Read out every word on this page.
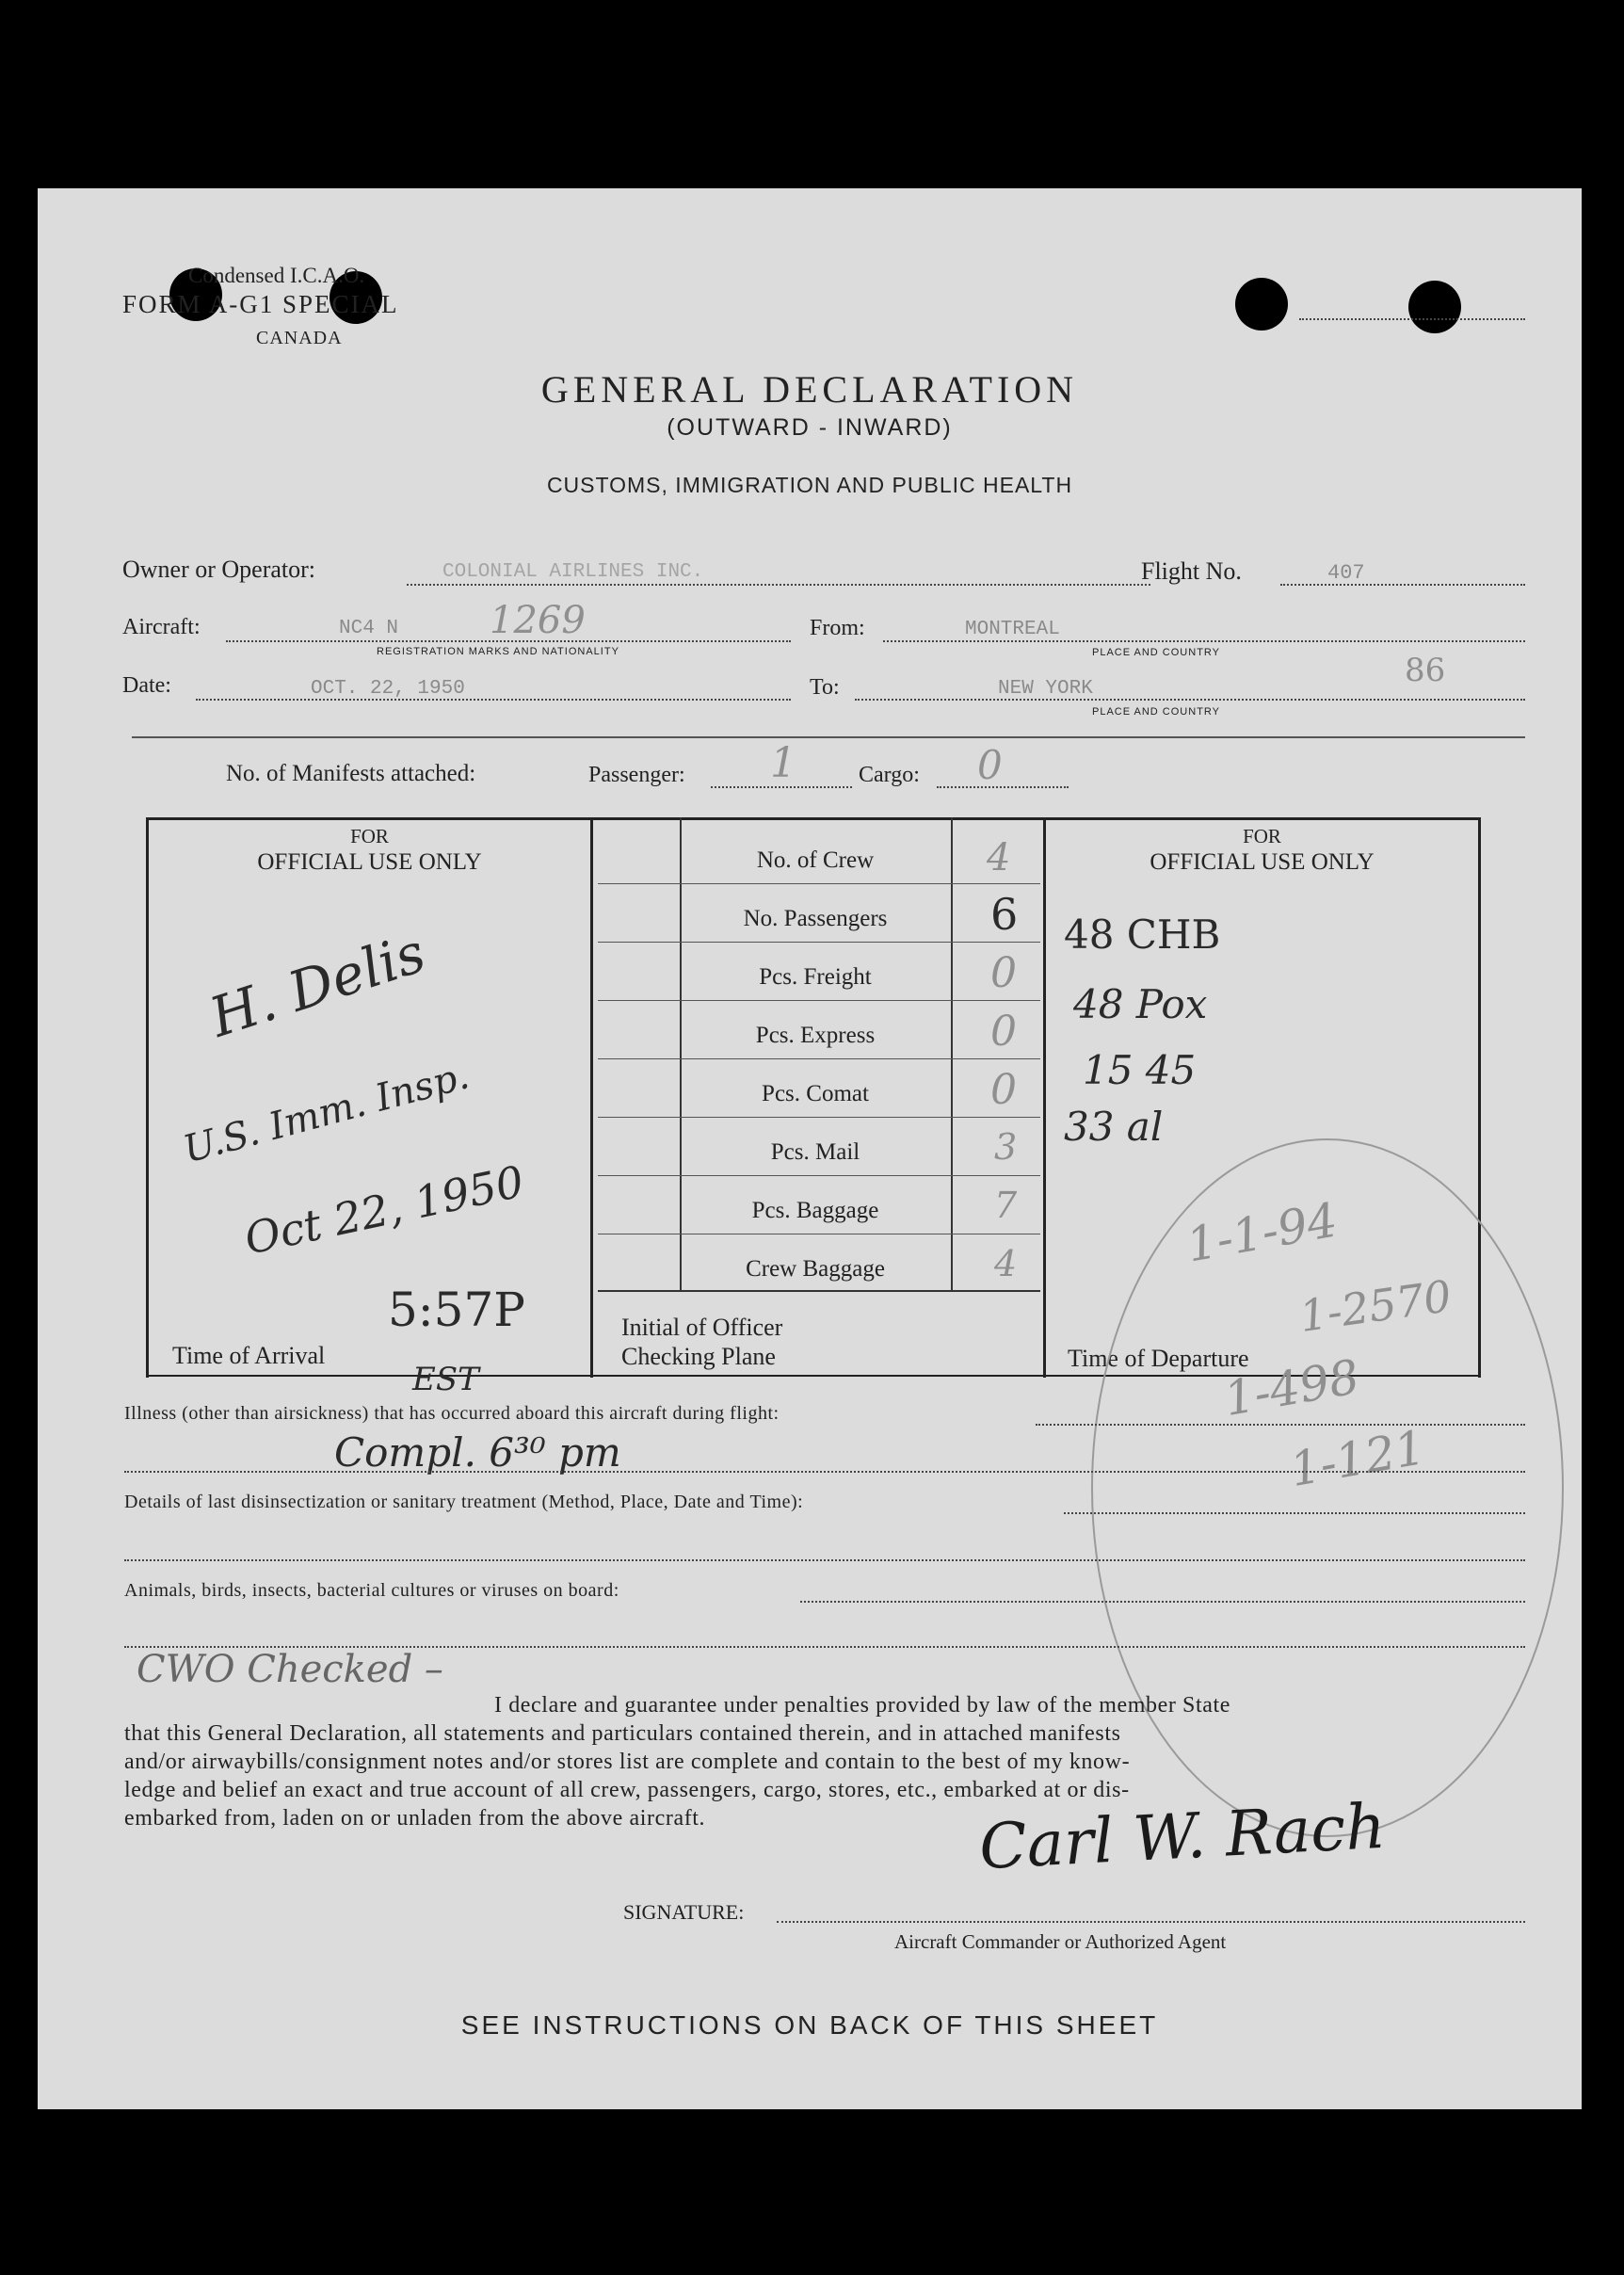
Condensed I.C.A.O.
FORM A-G1 SPECIAL
CANADA
GENERAL DECLARATION
(OUTWARD - INWARD)
CUSTOMS, IMMIGRATION AND PUBLIC HEALTH
Owner or Operator:	COLONIAL AIRLINES INC.	Flight No.	407
Aircraft:	NC4 N 1269
REGISTRATION MARKS AND NATIONALITY
From:	MONTREAL
PLACE AND COUNTRY	86
Date:	OCT. 22, 1950	To:	NEW YORK
PLACE AND COUNTRY
No. of Manifests attached:	Passenger: 1	Cargo: 0
FOR
OFFICIAL USE ONLY
FOR
OFFICIAL USE ONLY
No. of Crew	4
No. Passengers	6
Pcs. Freight	0
Pcs. Express	0
Pcs. Comat	0
Pcs. Mail	3
Pcs. Baggage	7
Crew Baggage	4
H. Delis
U.S. Imm. Insp.
Oct 22, 1950
48 CHB
48 Pox
15 45
33 al
Time of Arrival
5:57P
EST
Initial of Officer
Checking Plane	Time of Departure
1-1-94
1-2570
1-498
1-121
Illness (other than airsickness) that has occurred aboard this aircraft during flight:
Compl. 6³⁰ pm
Details of last disinsectization or sanitary treatment (Method, Place, Date and Time):
Animals, birds, insects, bacterial cultures or viruses on board:
CWO Checked –
I declare and guarantee under penalties provided by law of the member State
that this General Declaration, all statements and particulars contained therein, and in attached manifests
and/or airwaybills/consignment notes and/or stores list are complete and contain to the best of my know-
ledge and belief an exact and true account of all crew, passengers, cargo, stores, etc., embarked at or dis-
embarked from, laden on or unladen from the above aircraft.	Carl W. Rach
SIGNATURE:
Aircraft Commander or Authorized Agent
SEE INSTRUCTIONS ON BACK OF THIS SHEET
